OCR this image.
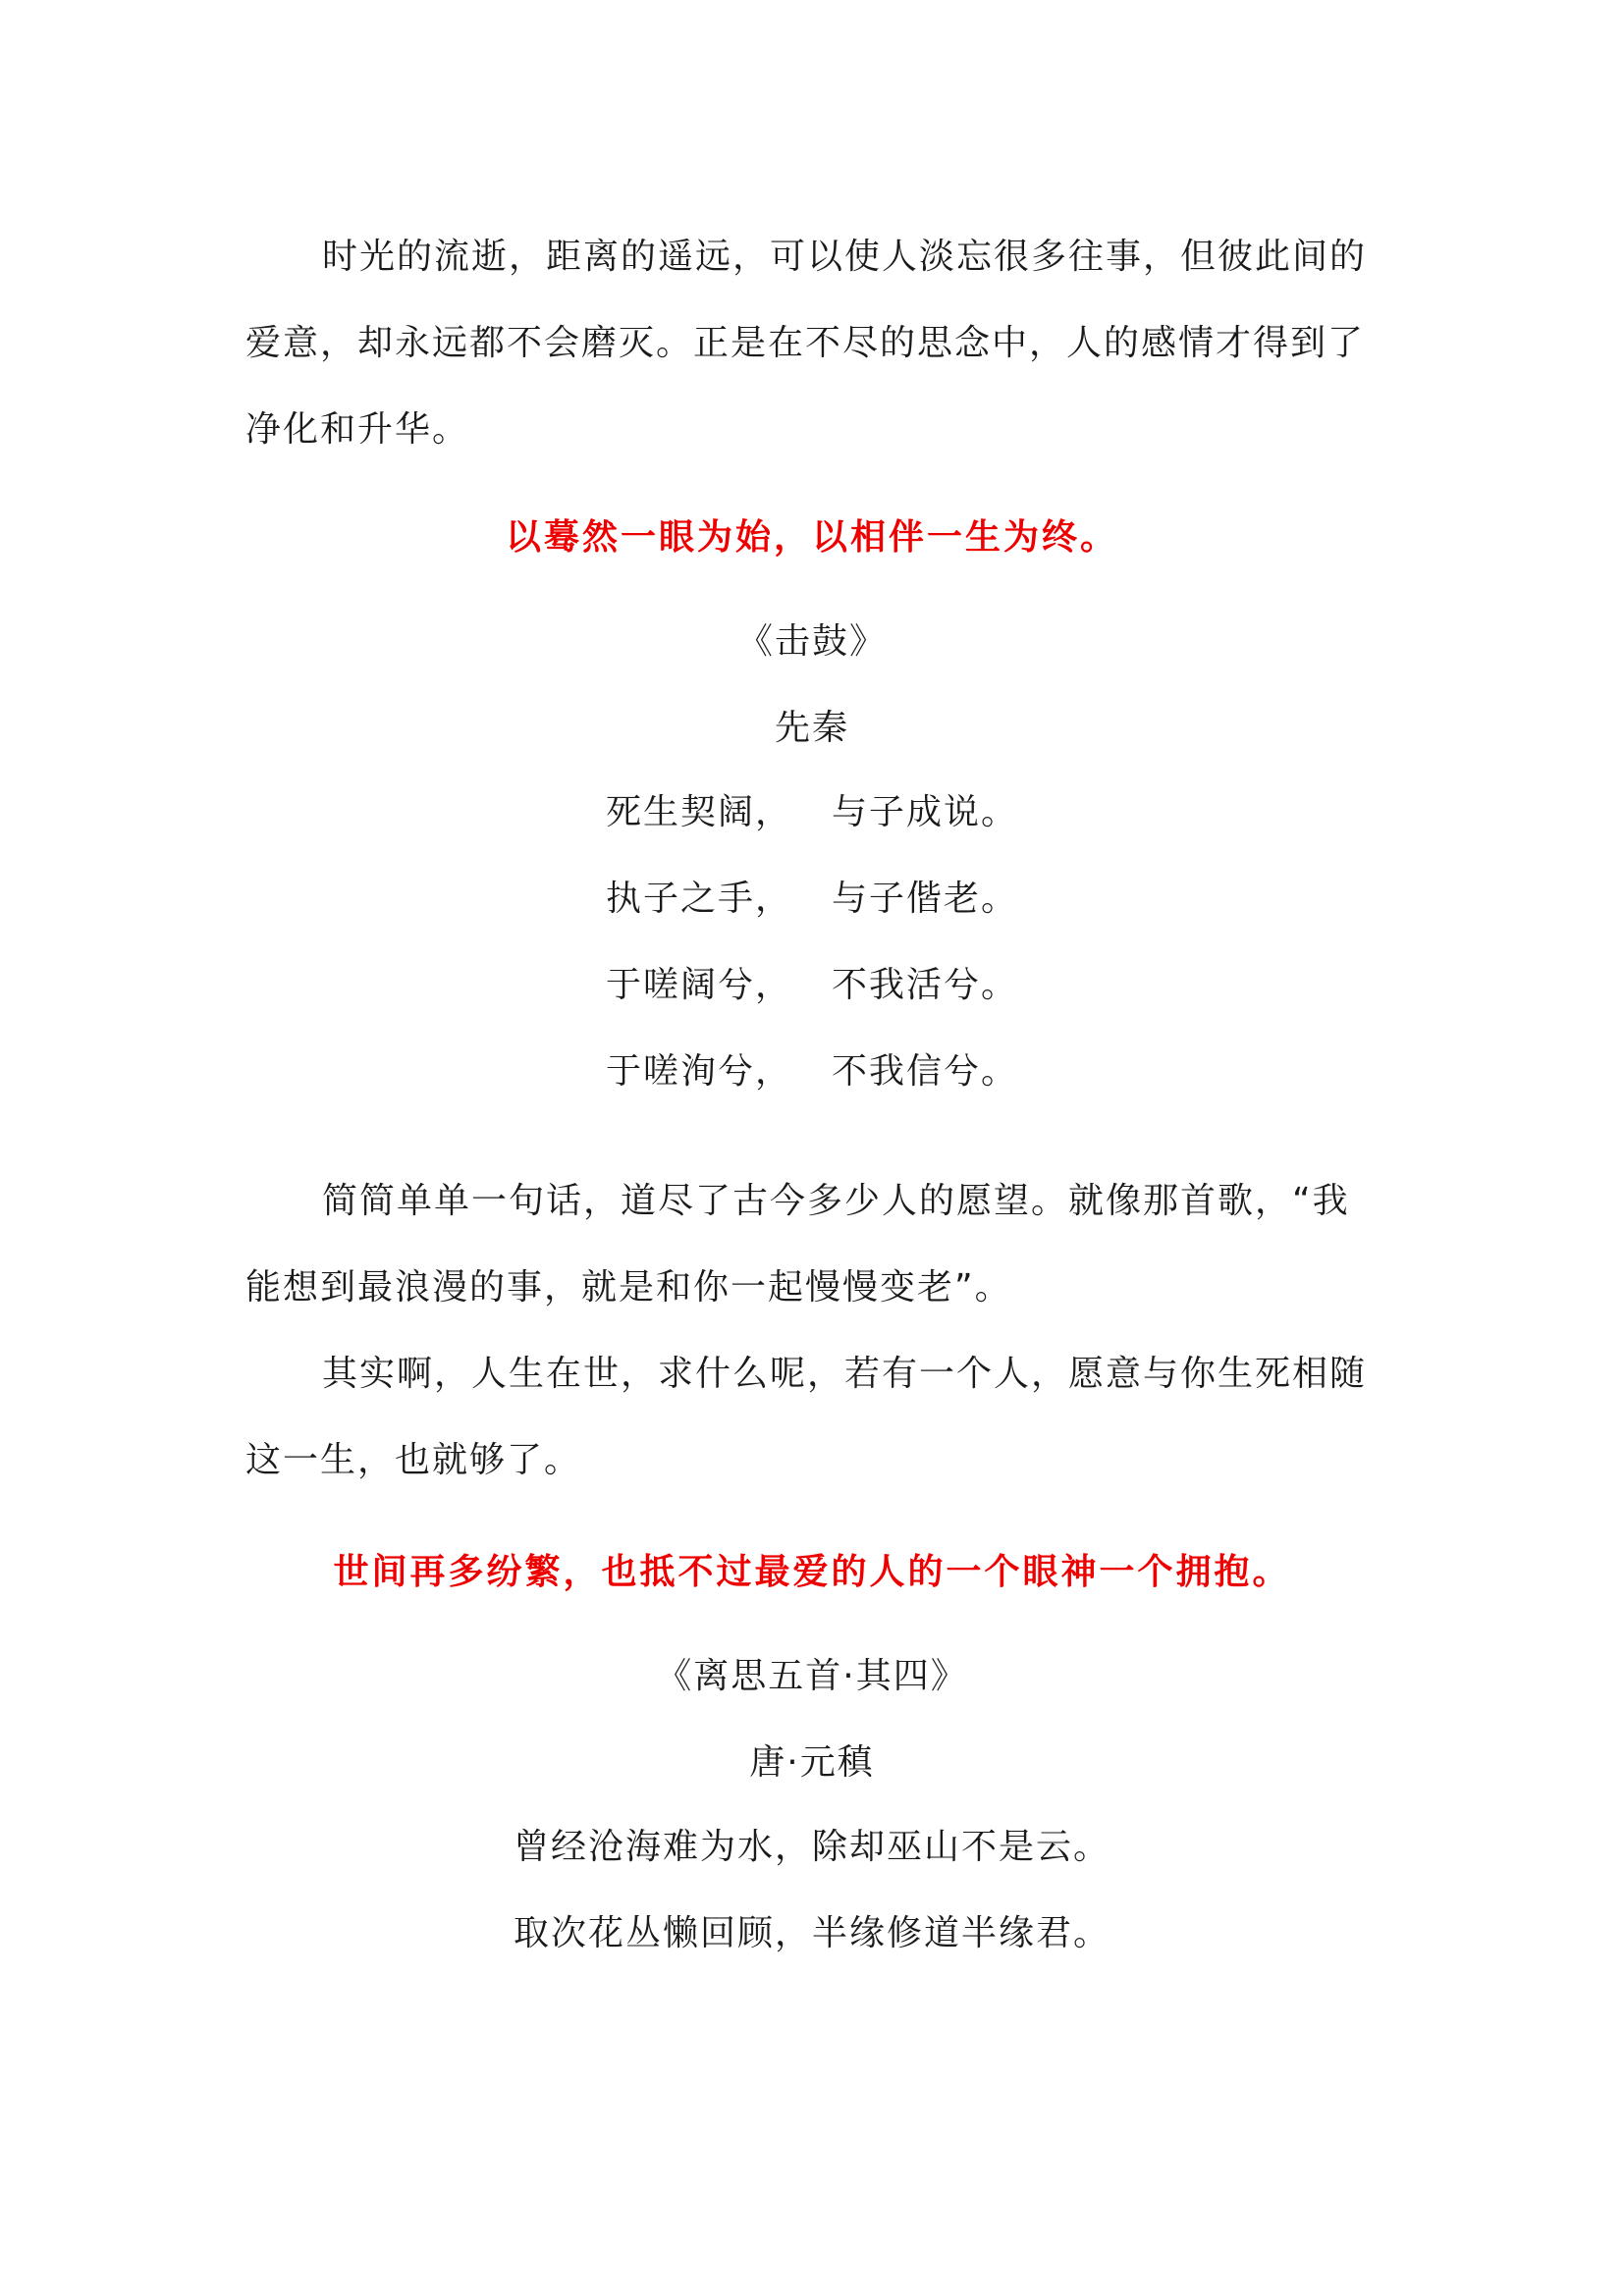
时光的流逝，距离的遥远，可以使人淡忘很多往事，但彼此间的
爱意，却永远都不会磨灭。正是在不尽的思念中，人的感情才得到了
净化和升华。
以蓦然一眼为始，以相伴一生为终。
《击鼓》
先秦
死生契阔， 与子成说。
执子之手， 与子偕老。
于嗟阔兮， 不我活兮。
于嗟洵兮， 不我信兮。
简简单单一句话，道尽了古今多少人的愿望。就像那首歌，“我
能想到最浪漫的事，就是和你一起慢慢变老”。
其实啊，人生在世，求什么呢，若有一个人，愿意与你生死相随
这一生，也就够了。
世间再多纷繁，也抵不过最爱的人的一个眼神一个拥抱。
《离思五首·其四》
唐·元稹
曾经沧海难为水，除却巫山不是云。
取次花丛懒回顾，半缘修道半缘君。
